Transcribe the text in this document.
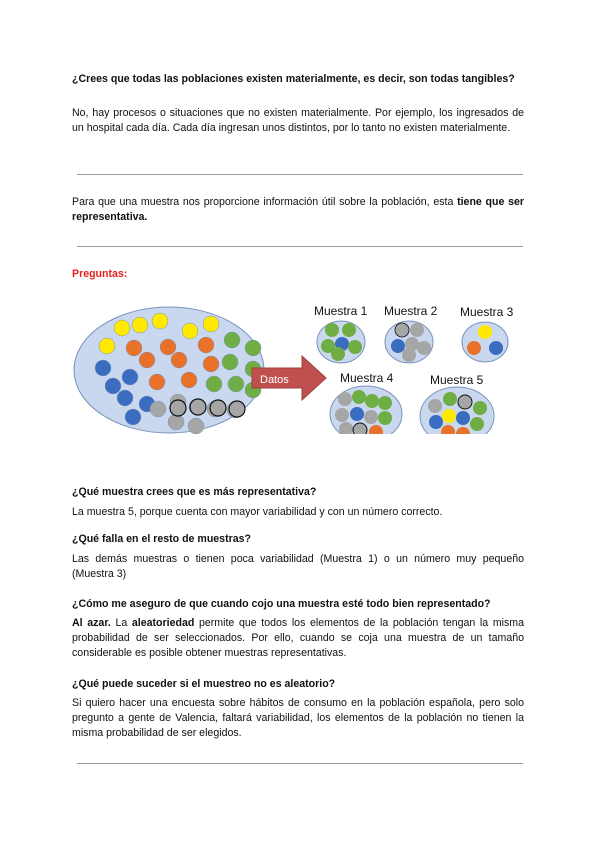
¿Crees que todas las poblaciones existen materialmente, es decir, son todas tangibles?
No, hay procesos o situaciones que no existen materialmente. Por ejemplo, los ingresados de un hospital cada día. Cada día ingresan unos distintos, por lo tanto no existen materialmente.
Para que una muestra nos proporcione información útil sobre la población, esta tiene que ser representativa.
Preguntas:
Datos
Muestra 1 Muestra 2 Muestra 3
Muestra 4	Muestra 5
¿Qué muestra crees que es más representativa?
La muestra 5, porque cuenta con mayor variabilidad y con un número correcto.
¿Qué falla en el resto de muestras?
Las demás muestras o tienen poca variabilidad (Muestra 1) o un número muy pequeño (Muestra 3)
¿Cómo me aseguro de que cuando cojo una muestra esté todo bien representado?
Al azar. La aleatoriedad permite que todos los elementos de la población tengan la misma probabilidad de ser seleccionados. Por ello, cuando se coja una muestra de un tamaño considerable es posible obtener muestras representativas.
¿Qué puede suceder si el muestreo no es aleatorio?
Si quiero hacer una encuesta sobre hábitos de consumo en la población española, pero solo pregunto a gente de Valencia, faltará variabilidad, los elementos de la población no tienen la misma probabilidad de ser elegidos.
